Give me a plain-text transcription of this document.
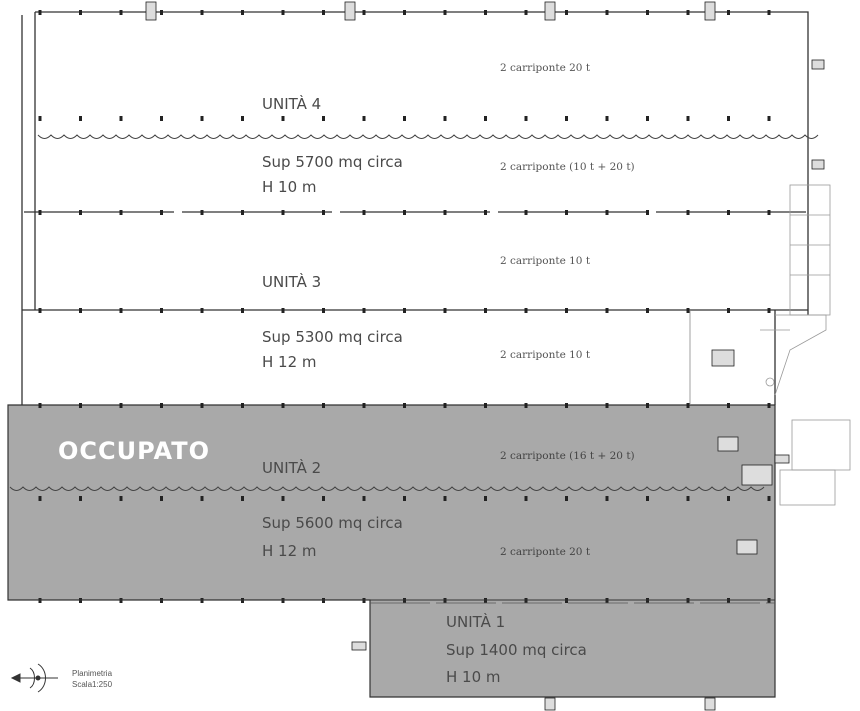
UNITÀ 4
Sup 5700 mq circa
H 10 m
2 carriponte 20 t
2 carriponte (10 t + 20 t)
UNITÀ 3
Sup 5300 mq circa
H 12 m
2 carriponte 10 t
2 carriponte 10 t
OCCUPATO
UNITÀ 2
Sup 5600 mq circa
H 12 m
2 carriponte (16 t + 20 t)
2 carriponte 20 t
UNITÀ 1
Sup 1400 mq circa
H 10 m
Planimetria
Scala1:250
